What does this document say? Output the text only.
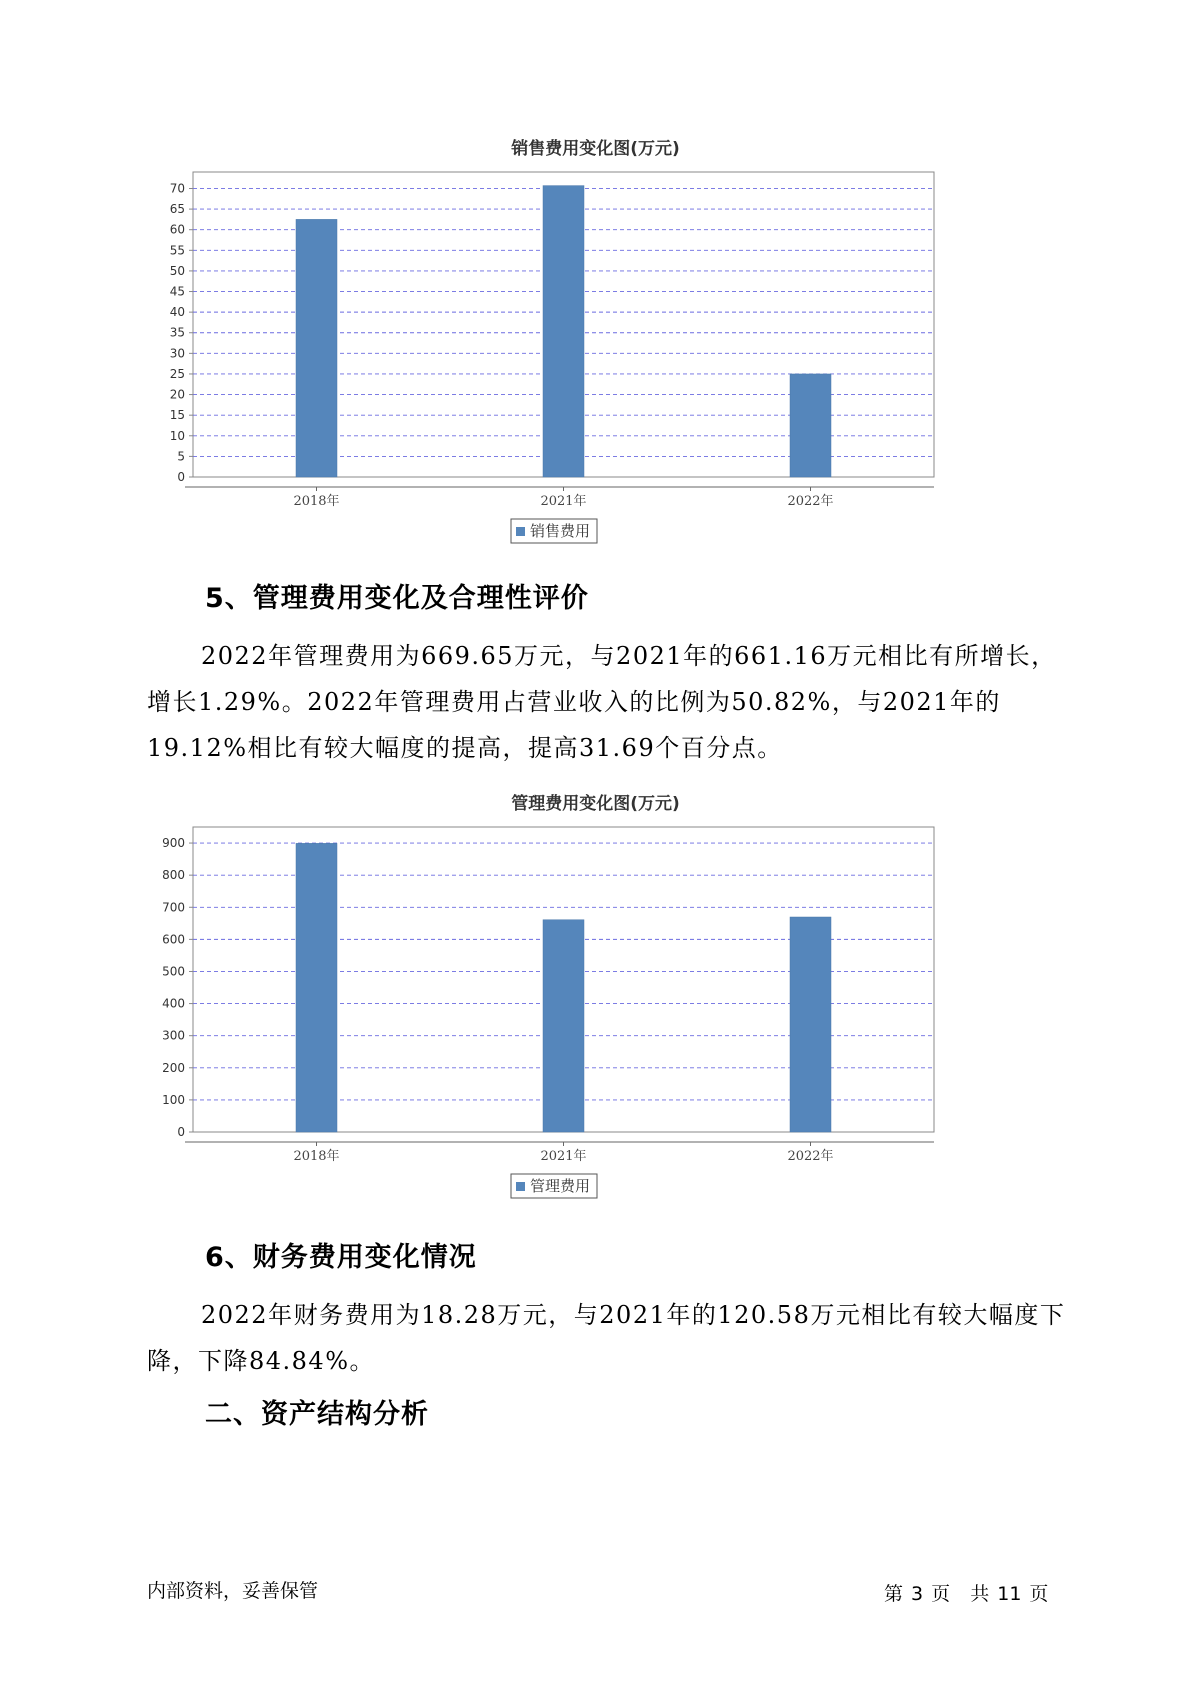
销售费用变化图(万元)
0
5
10
15
20
25
30
35
40
45
50
55
60
65
70
2018年	2021年	2022年
销售费用
5、管理费用变化及合理性评价

2022年管理费用为669.65万元，与2021年的661.16万元相比有所增长，增长1.29%。2022年管理费用占营业收入的比例为50.82%，与2021年的19.12%相比有较大幅度的提高，提高31.69个百分点。

管理费用变化图(万元)
0
100
200
300
400
500
600
700
800
900
2018年	2021年	2022年
管理费用
6、财务费用变化情况

2022年财务费用为18.28万元，与2021年的120.58万元相比有较大幅度下降，下降84.84%。

二、资产结构分析
内部资料，妥善保管	第 3 页 共 11 页
